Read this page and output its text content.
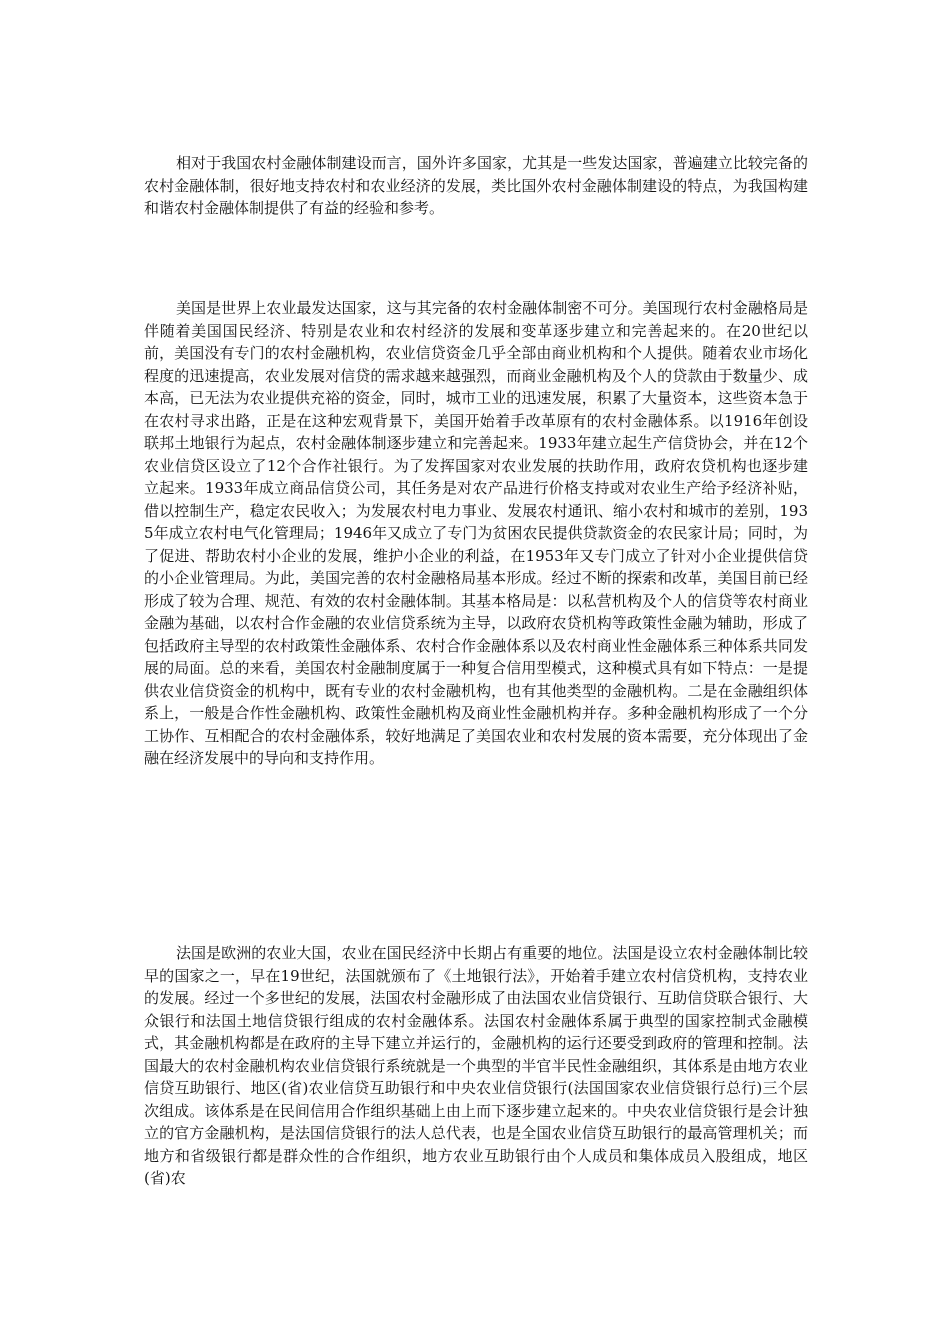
相对于我国农村金融体制建设而言，国外许多国家，尤其是一些发达国家，普遍建立比较完备的农村金融体制，很好地支持农村和农业经济的发展，类比国外农村金融体制建设的特点，为我国构建和谐农村金融体制提供了有益的经验和参考。

美国是世界上农业最发达国家，这与其完备的农村金融体制密不可分。美国现行农村金融格局是伴随着美国国民经济、特别是农业和农村经济的发展和变革逐步建立和完善起来的。在20世纪以前，美国没有专门的农村金融机构，农业信贷资金几乎全部由商业机构和个人提供。随着农业市场化程度的迅速提高，农业发展对信贷的需求越来越强烈，而商业金融机构及个人的贷款由于数量少、成本高，已无法为农业提供充裕的资金，同时，城市工业的迅速发展，积累了大量资本，这些资本急于在农村寻求出路，正是在这种宏观背景下，美国开始着手改革原有的农村金融体系。以1916年创设联邦土地银行为起点，农村金融体制逐步建立和完善起来。1933年建立起生产信贷协会，并在12个农业信贷区设立了12个合作社银行。为了发挥国家对农业发展的扶助作用，政府农贷机构也逐步建立起来。1933年成立商品信贷公司，其任务是对农产品进行价格支持或对农业生产给予经济补贴，借以控制生产，稳定农民收入；为发展农村电力事业、发展农村通讯、缩小农村和城市的差别，1935年成立农村电气化管理局；1946年又成立了专门为贫困农民提供贷款资金的农民家计局；同时，为了促进、帮助农村小企业的发展，维护小企业的利益，在1953年又专门成立了针对小企业提供信贷的小企业管理局。为此，美国完善的农村金融格局基本形成。经过不断的探索和改革，美国目前已经形成了较为合理、规范、有效的农村金融体制。其基本格局是：以私营机构及个人的信贷等农村商业金融为基础，以农村合作金融的农业信贷系统为主导，以政府农贷机构等政策性金融为辅助，形成了包括政府主导型的农村政策性金融体系、农村合作金融体系以及农村商业性金融体系三种体系共同发展的局面。总的来看，美国农村金融制度属于一种复合信用型模式，这种模式具有如下特点：一是提供农业信贷资金的机构中，既有专业的农村金融机构，也有其他类型的金融机构。二是在金融组织体系上，一般是合作性金融机构、政策性金融机构及商业性金融机构并存。多种金融机构形成了一个分工协作、互相配合的农村金融体系，较好地满足了美国农业和农村发展的资本需要，充分体现出了金融在经济发展中的导向和支持作用。

法国是欧洲的农业大国，农业在国民经济中长期占有重要的地位。法国是设立农村金融体制比较早的国家之一，早在19世纪，法国就颁布了《土地银行法》，开始着手建立农村信贷机构，支持农业的发展。经过一个多世纪的发展，法国农村金融形成了由法国农业信贷银行、互助信贷联合银行、大众银行和法国土地信贷银行组成的农村金融体系。法国农村金融体系属于典型的国家控制式金融模式，其金融机构都是在政府的主导下建立并运行的，金融机构的运行还要受到政府的管理和控制。法国最大的农村金融机构农业信贷银行系统就是一个典型的半官半民性金融组织，其体系是由地方农业信贷互助银行、地区(省)农业信贷互助银行和中央农业信贷银行(法国国家农业信贷银行总行)三个层次组成。该体系是在民间信用合作组织基础上由上而下逐步建立起来的。中央农业信贷银行是会计独立的官方金融机构，是法国信贷银行的法人总代表，也是全国农业信贷互助银行的最高管理机关；而地方和省级银行都是群众性的合作组织，地方农业互助银行由个人成员和集体成员入股组成，地区(省)农
